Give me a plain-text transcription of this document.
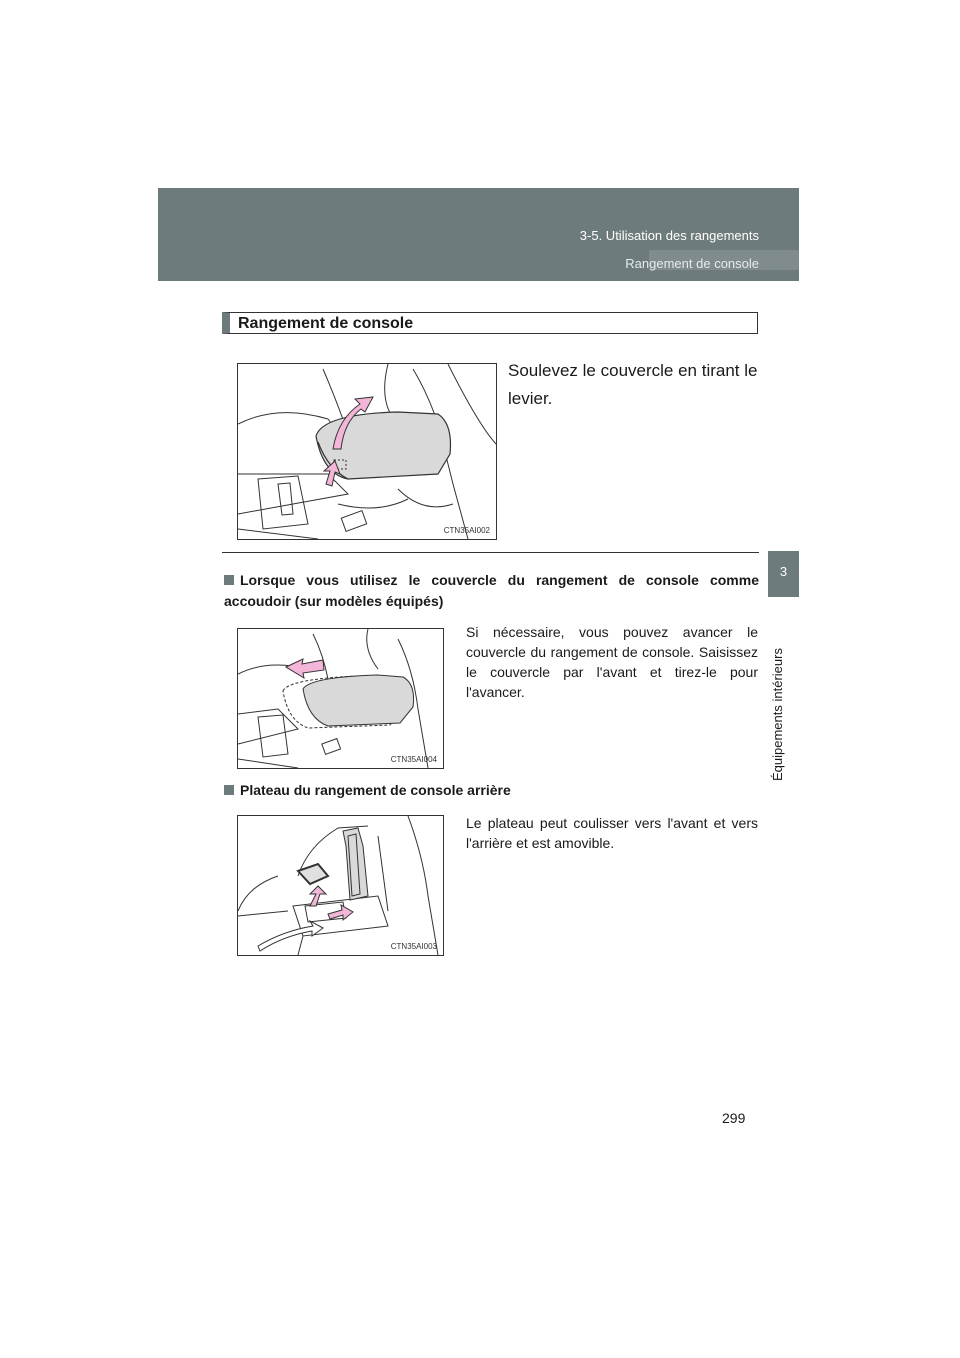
3-5. Utilisation des rangements
Rangement de console
3
Équipements intérieurs
Rangement de console
CTN35AI002
Soulevez le couvercle en tirant le levier.
Lorsque vous utilisez le couvercle du rangement de console comme accoudoir (sur modèles équipés)
CTN35AI004
Si nécessaire, vous pouvez avancer le couvercle du rangement de console. Saisissez le couvercle par l'avant et tirez-le pour l'avancer.
Plateau du rangement de console arrière
CTN35AI003
Le plateau peut coulisser vers l'avant et vers l'arrière et est amovible.
299
